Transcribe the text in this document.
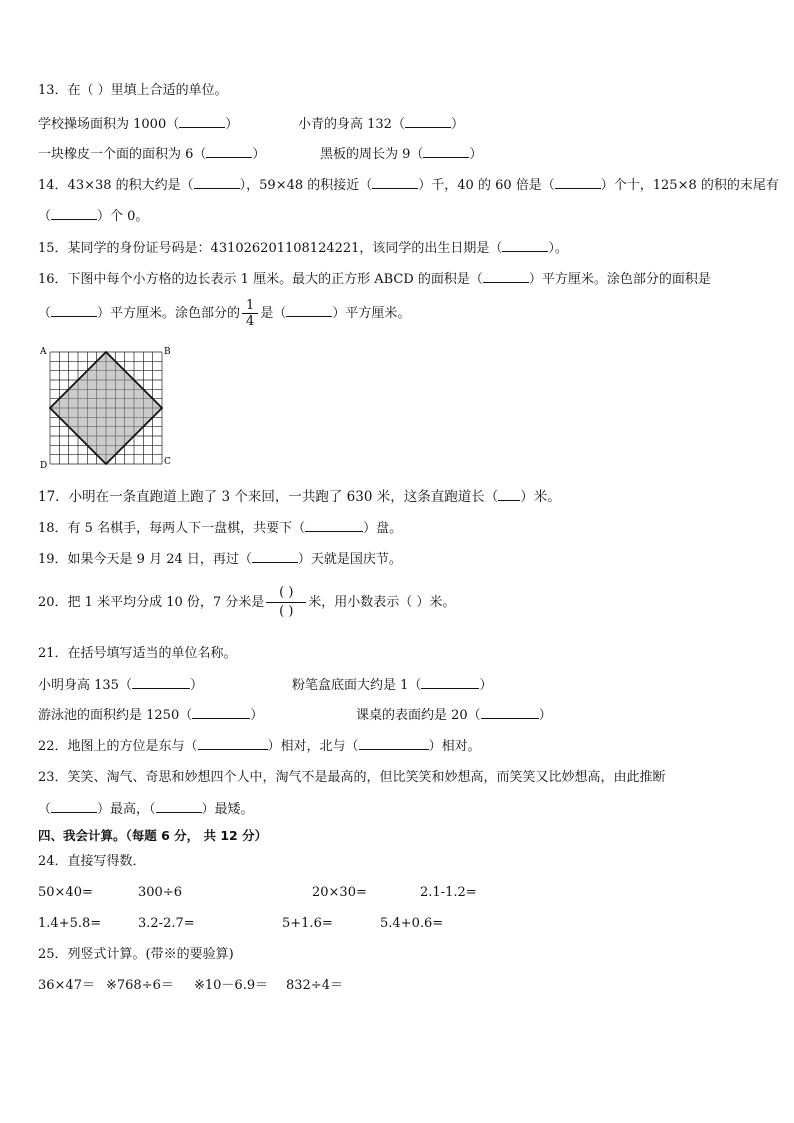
13．在（ ）里填上合适的单位。
学校操场面积为 1000（	）	小青的身高 132（	）
一块橡皮一个面的面积为 6（	）	黑板的周长为 9（	）
14．43×38 的积大约是（	），59×48 的积接近（	）千，40 的 60 倍是（	）个十，125×8 的积的末尾有
（	）个 0。
15．某同学的身份证号码是：431026201108124221，该同学的出生日期是（	）。
16．下图中每个小方格的边长表示 1 厘米。最大的正方形 ABCD 的面积是（	）平方厘米。涂色部分的面积是
（	）平方厘米。涂色部分的 $\frac{1}{4}$ 是（	）平方厘米。
A	B
C
D
17．小明在一条直跑道上跑了 3 个来回，一共跑了 630 米，这条直跑道长（ ）米。
18．有 5 名棋手，每两人下一盘棋，共要下（	）盘。
19．如果今天是 9 月 24 日，再过（	）天就是国庆节。
20．把 1 米平均分成 10 份，7 分米是 $\frac{( )}{( )}$ 米，用小数表示（ ）米。
21．在括号填写适当的单位名称。
小明身高 135（	）	粉笔盒底面大约是 1（	）
游泳池的面积约是 1250（	）	课桌的表面约是 20（	）
22．地图上的方位是东与（	）相对，北与（	）相对。
23．笑笑、淘气、奇思和妙想四个人中，淘气不是最高的，但比笑笑和妙想高，而笑笑又比妙想高，由此推断
（	）最高，（	）最矮。
四、我会计算。（每题 6 分， 共 12 分）
24．直接写得数．
50×40=	300÷6	20×30=	2.1-1.2=
1.4+5.8=	3.2-2.7=	5+1.6=	5.4+0.6=
25．列竖式计算。(带※的要验算)
36×47＝ ※768÷6＝ ※10－6.9＝ 832÷4＝
